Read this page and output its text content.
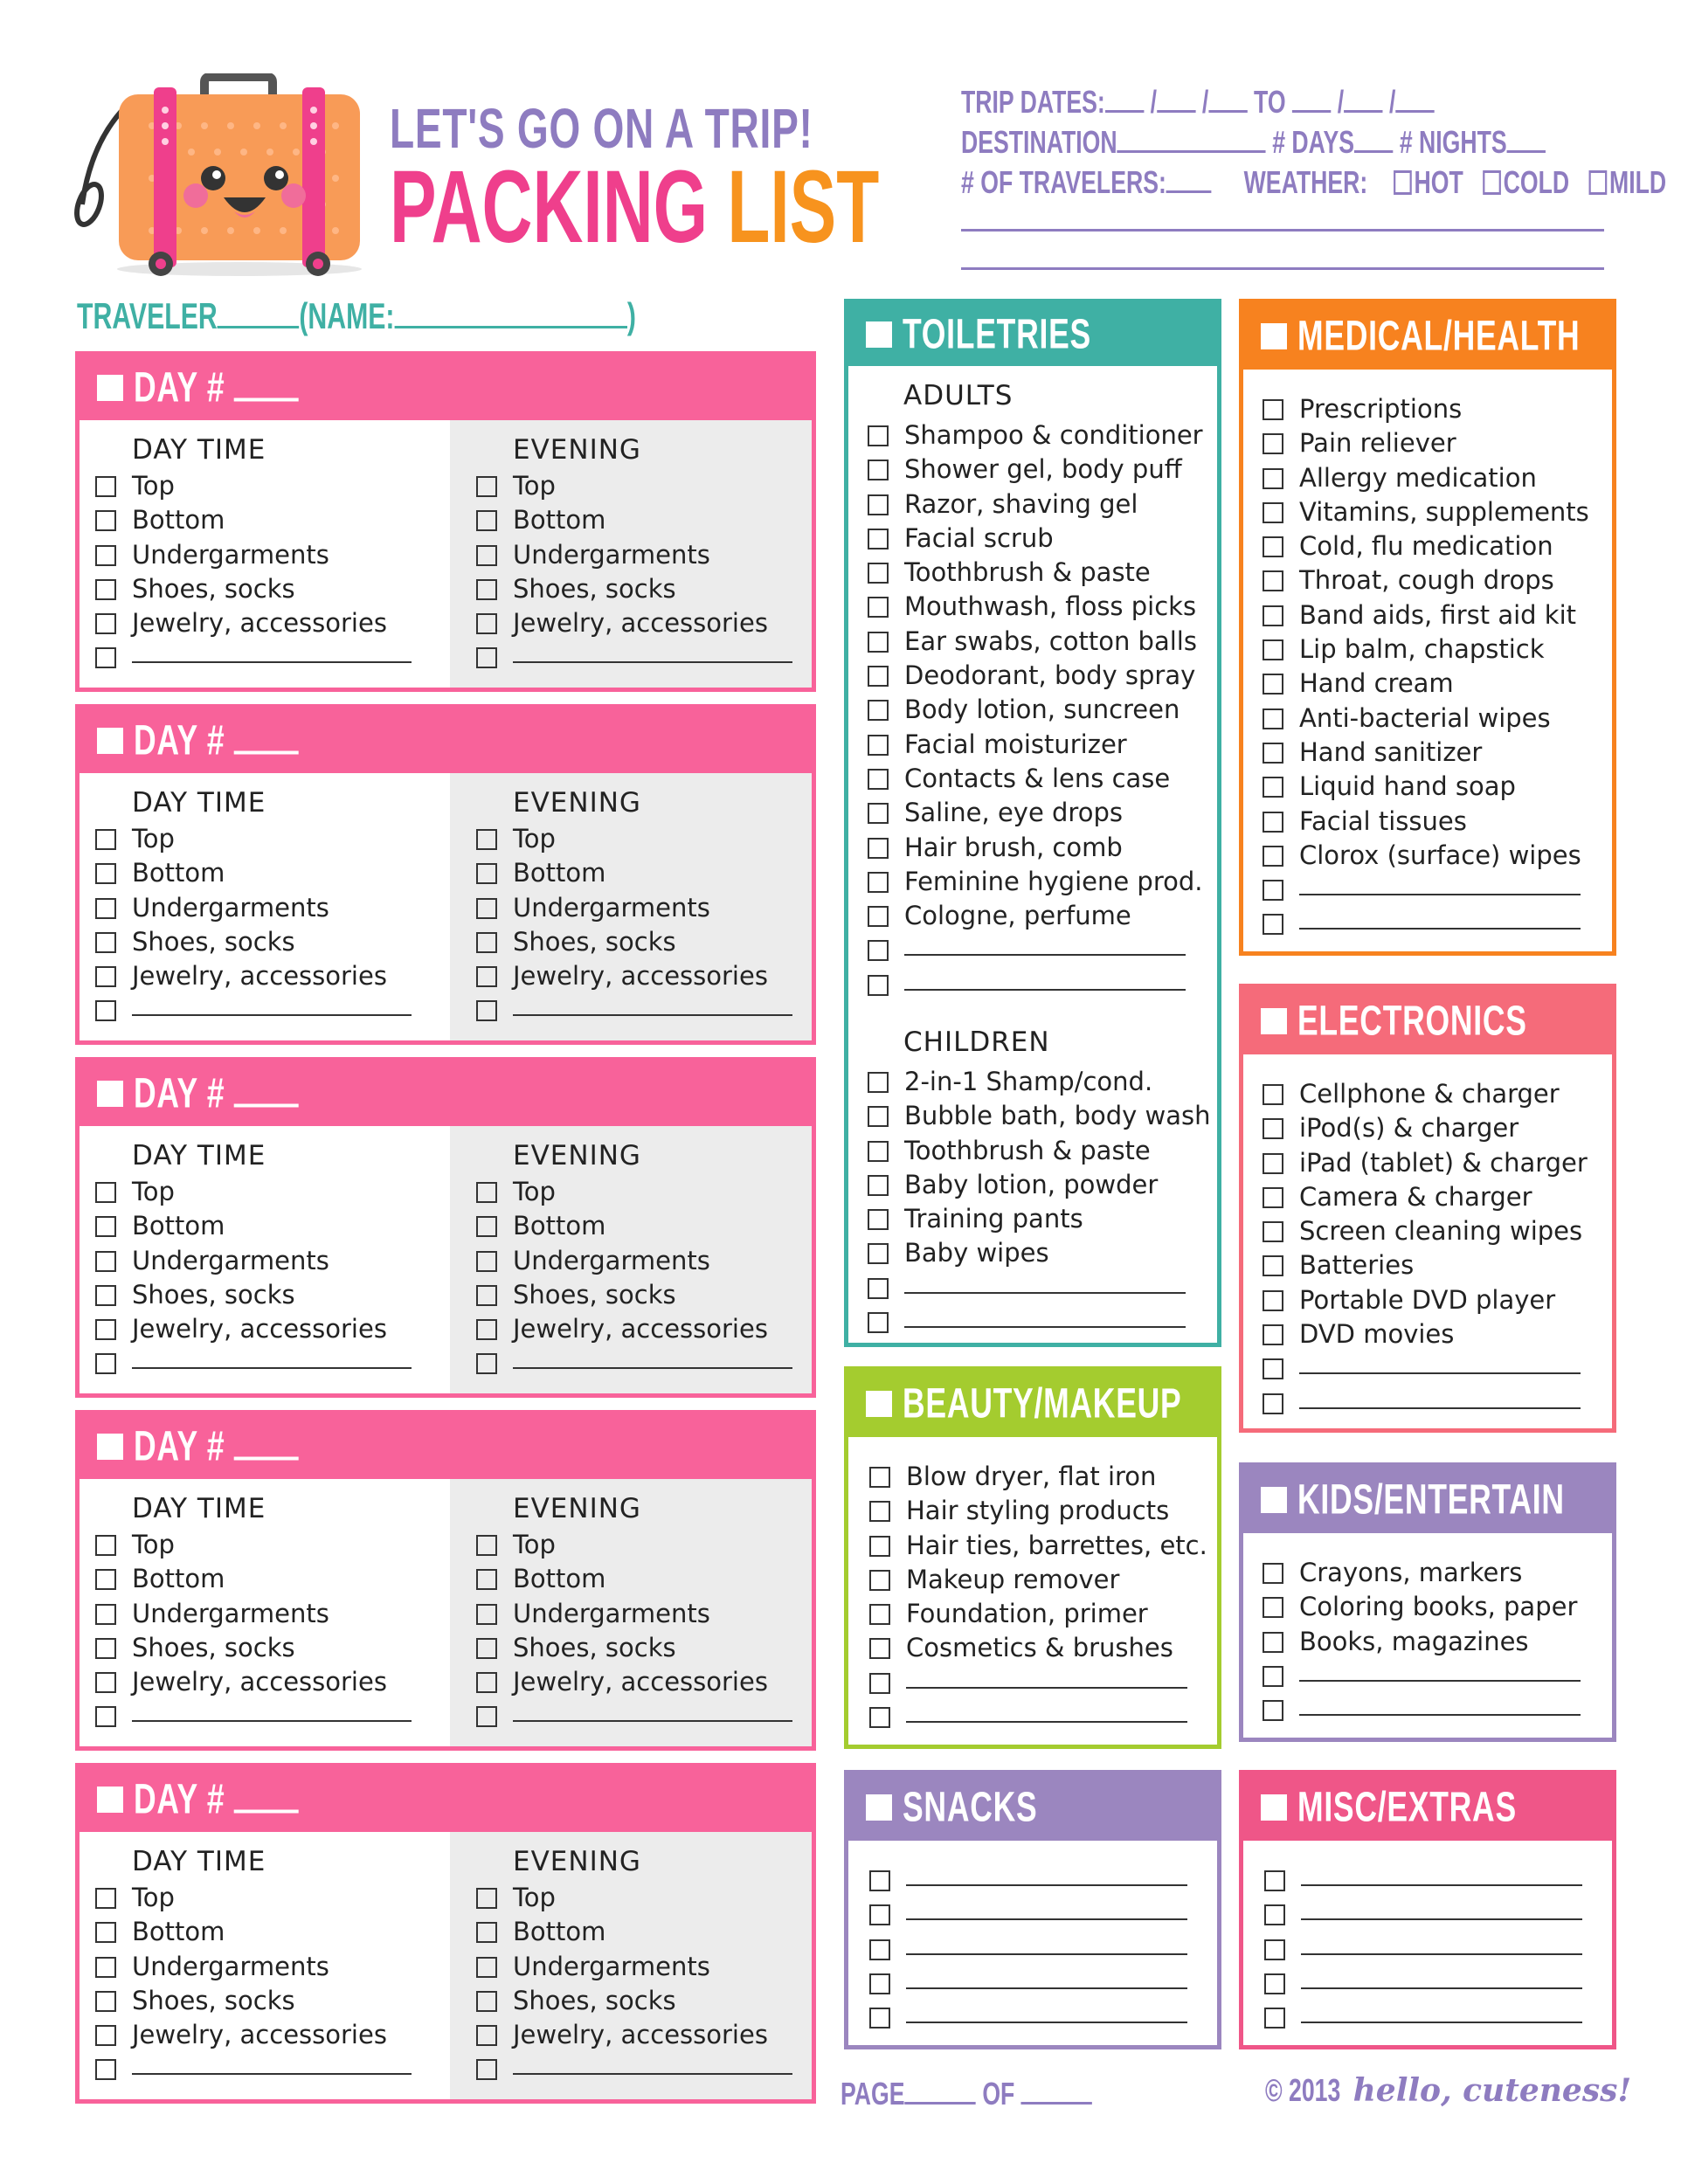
LET'S GO ON A TRIP!
PACKING LIST
TRIP DATES: / / TO / /
DESTINATION	# DAYS # NIGHTS
# OF TRAVELERS: WEATHER: HOT COLD MILD
TRAVELER (NAME:	)
DAY #
DAY TIME	EVENING
Top
Bottom
Undergarments
Shoes, socks
Jewelry, accessories
Top
Bottom
Undergarments
Shoes, socks
Jewelry, accessories
DAY #
DAY TIME	EVENING
Top
Bottom
Undergarments
Shoes, socks
Jewelry, accessories
Top
Bottom
Undergarments
Shoes, socks
Jewelry, accessories
DAY #
DAY TIME	EVENING
Top
Bottom
Undergarments
Shoes, socks
Jewelry, accessories
Top
Bottom
Undergarments
Shoes, socks
Jewelry, accessories
DAY #
DAY TIME	EVENING
Top
Bottom
Undergarments
Shoes, socks
Jewelry, accessories
Top
Bottom
Undergarments
Shoes, socks
Jewelry, accessories
DAY #
DAY TIME	EVENING
Top
Bottom
Undergarments
Shoes, socks
Jewelry, accessories
Top
Bottom
Undergarments
Shoes, socks
Jewelry, accessories
TOILETRIES
ADULTS
Shampoo & conditioner
Shower gel, body puff
Razor, shaving gel
Facial scrub
Toothbrush & paste
Mouthwash, floss picks
Ear swabs, cotton balls
Deodorant, body spray
Body lotion, suncreen
Facial moisturizer
Contacts & lens case
Saline, eye drops
Hair brush, comb
Feminine hygiene prod.
Cologne, perfume
CHILDREN
2-in-1 Shamp/cond.
Bubble bath, body wash
Toothbrush & paste
Baby lotion, powder
Training pants
Baby wipes
BEAUTY/MAKEUP
Blow dryer, flat iron
Hair styling products
Hair ties, barrettes, etc.
Makeup remover
Foundation, primer
Cosmetics & brushes
SNACKS
MEDICAL/HEALTH
Prescriptions
Pain reliever
Allergy medication
Vitamins, supplements
Cold, flu medication
Throat, cough drops
Band aids, first aid kit
Lip balm, chapstick
Hand cream
Anti-bacterial wipes
Hand sanitizer
Liquid hand soap
Facial tissues
Clorox (surface) wipes
ELECTRONICS
Cellphone & charger
iPod(s) & charger
iPad (tablet) & charger
Camera & charger
Screen cleaning wipes
Batteries
Portable DVD player
DVD movies
KIDS/ENTERTAIN
Crayons, markers
Coloring books, paper
Books, magazines
MISC/EXTRAS
PAGE OF	© 2013 hello, cuteness!
